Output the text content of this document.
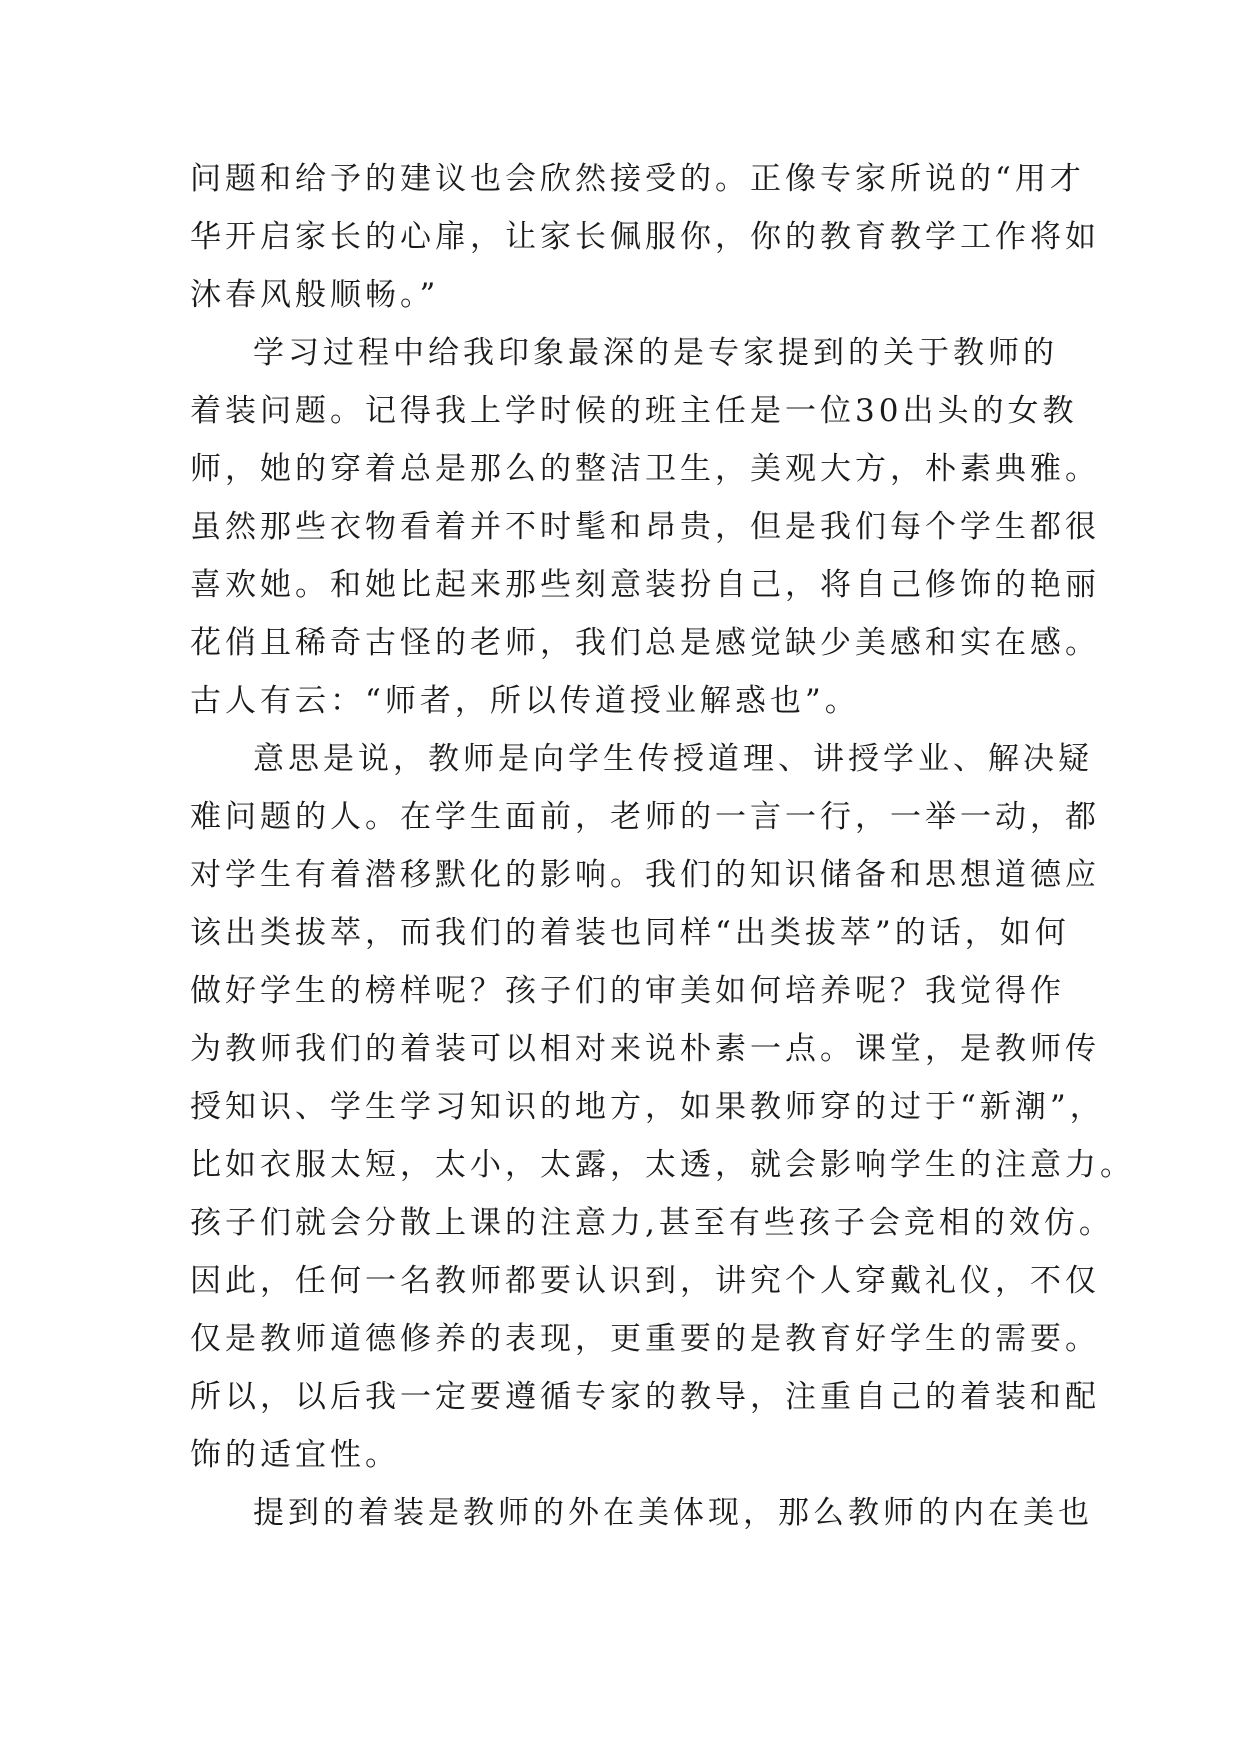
问题和给予的建议也会欣然接受的。正像专家所说的“用才
华开启家长的心扉，让家长佩服你，你的教育教学工作将如
沐春风般顺畅。”
学习过程中给我印象最深的是专家提到的关于教师的
着装问题。记得我上学时候的班主任是一位30出头的女教
师，她的穿着总是那么的整洁卫生，美观大方，朴素典雅。
虽然那些衣物看着并不时髦和昂贵，但是我们每个学生都很
喜欢她。和她比起来那些刻意装扮自己，将自己修饰的艳丽
花俏且稀奇古怪的老师，我们总是感觉缺少美感和实在感。
古人有云：“师者，所以传道授业解惑也”。
意思是说，教师是向学生传授道理、讲授学业、解决疑
难问题的人。在学生面前，老师的一言一行，一举一动，都
对学生有着潜移默化的影响。我们的知识储备和思想道德应
该出类拔萃，而我们的着装也同样“出类拔萃”的话，如何
做好学生的榜样呢？孩子们的审美如何培养呢？我觉得作
为教师我们的着装可以相对来说朴素一点。课堂，是教师传
授知识、学生学习知识的地方，如果教师穿的过于“新潮”，
比如衣服太短，太小，太露，太透，就会影响学生的注意力。
孩子们就会分散上课的注意力,甚至有些孩子会竞相的效仿。
因此，任何一名教师都要认识到，讲究个人穿戴礼仪，不仅
仅是教师道德修养的表现，更重要的是教育好学生的需要。
所以，以后我一定要遵循专家的教导，注重自己的着装和配
饰的适宜性。
提到的着装是教师的外在美体现，那么教师的内在美也
